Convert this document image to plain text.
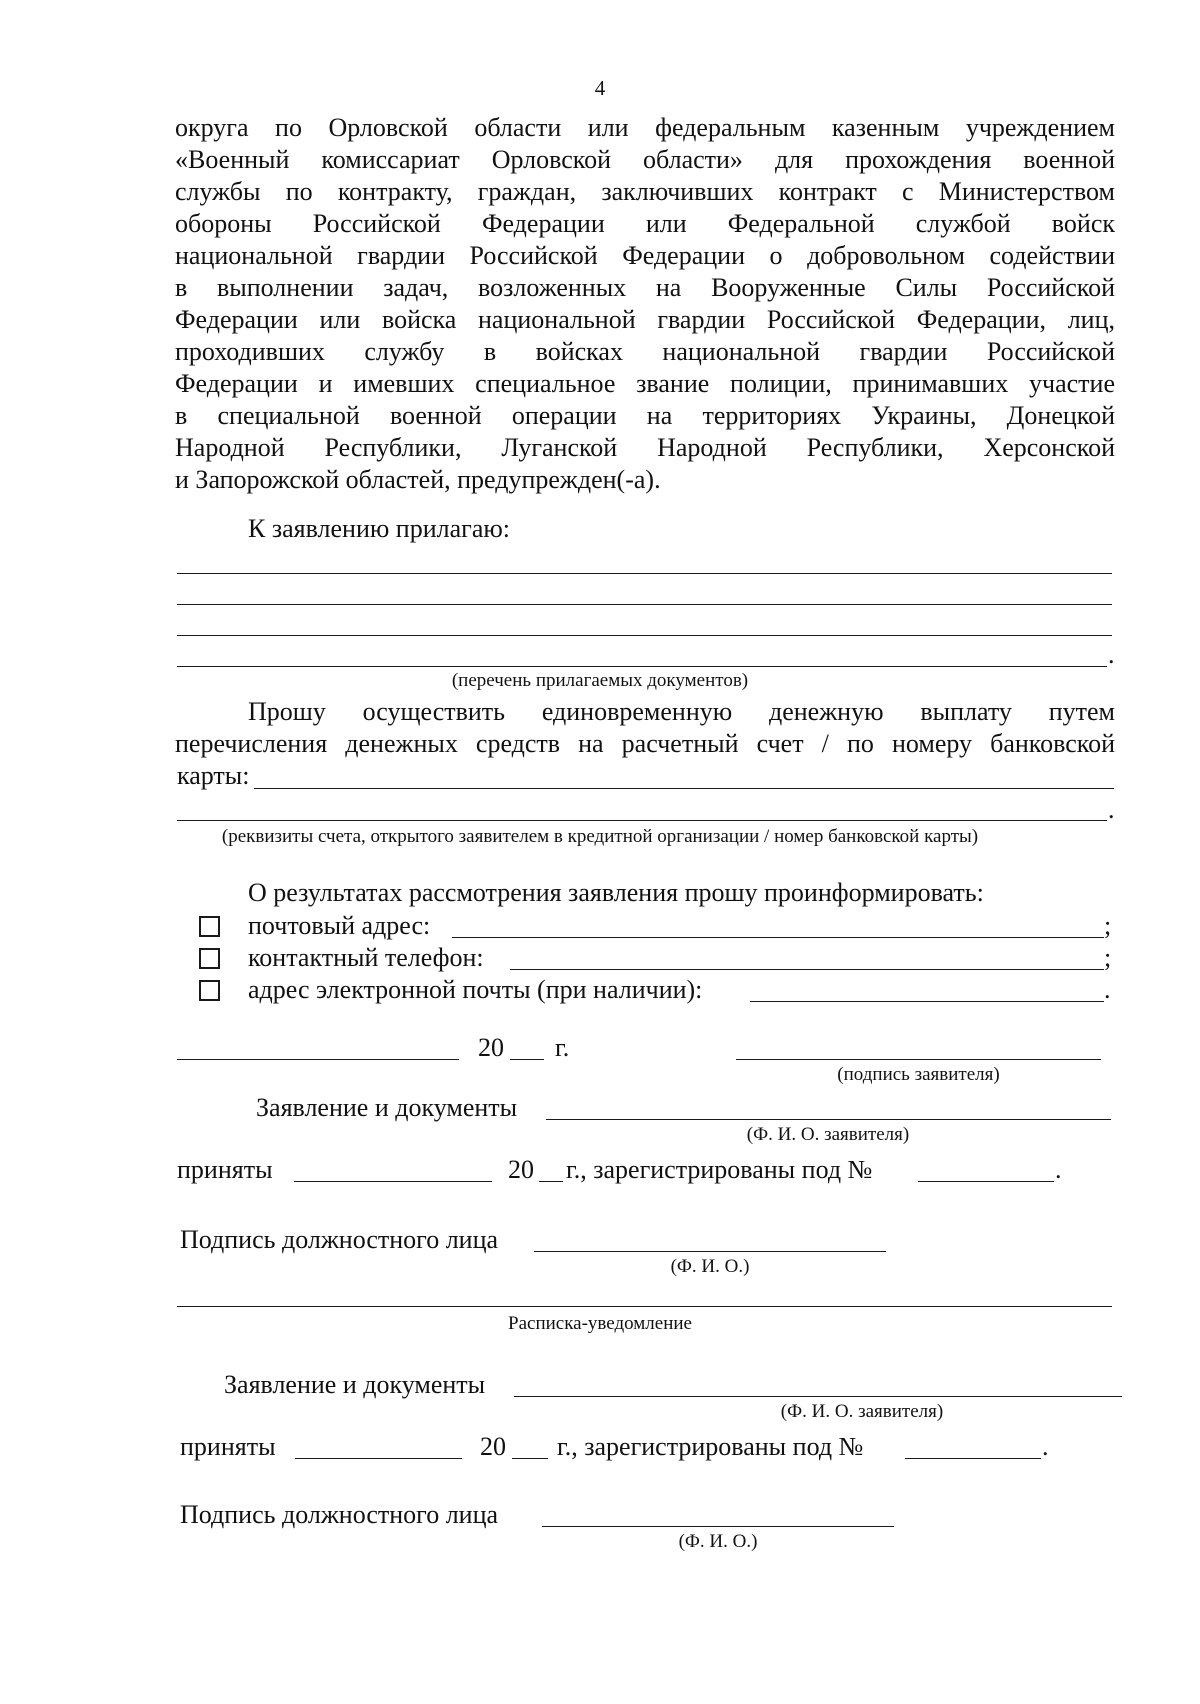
4
округа по Орловской области или федеральным казенным учреждением
«Военный комиссариат Орловской области» для прохождения военной
службы по контракту, граждан, заключивших контракт с Министерством
обороны Российской Федерации или Федеральной службой войск
национальной гвардии Российской Федерации о добровольном содействии
в выполнении задач, возложенных на Вооруженные Силы Российской
Федерации или войска национальной гвардии Российской Федерации, лиц,
проходивших службу в войсках национальной гвардии Российской
Федерации и имевших специальное звание полиции, принимавших участие
в специальной военной операции на территориях Украины, Донецкой
Народной Республики, Луганской Народной Республики, Херсонской
и Запорожской областей, предупрежден(-а).
К заявлению прилагаю:
.
(перечень прилагаемых документов)
Прошу осуществить единовременную денежную выплату путем
перечисления денежных средств на расчетный счет / по номеру банковской
карты:
.
(реквизиты счета, открытого заявителем в кредитной организации / номер банковской карты)
О результатах рассмотрения заявления прошу проинформировать:
почтовый адрес:	;
контактный телефон:	;
адрес электронной почты (при наличии):	.
20 г.
(подпись заявителя)
Заявление и документы
(Ф. И. О. заявителя)
приняты	20 г., зарегистрированы под №	.
Подпись должностного лица
(Ф. И. О.)
Расписка-уведомление
Заявление и документы
(Ф. И. О. заявителя)
приняты	20 г., зарегистрированы под №	.
Подпись должностного лица
(Ф. И. О.)
